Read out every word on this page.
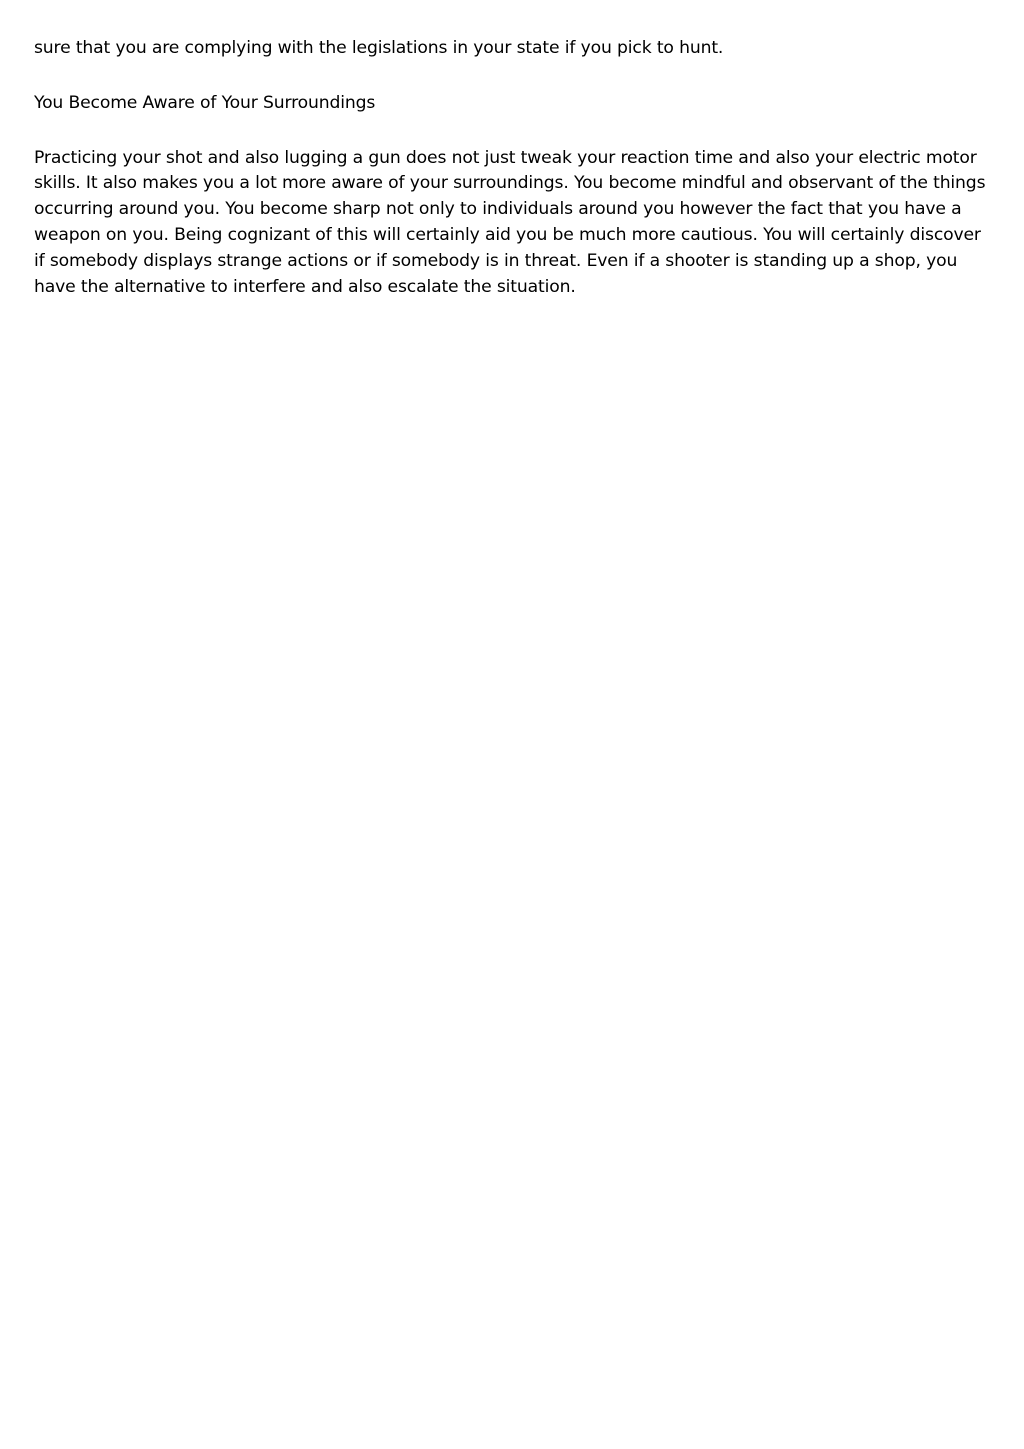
sure that you are complying with the legislations in your state if you pick to hunt.

You Become Aware of Your Surroundings

Practicing your shot and also lugging a gun does not just tweak your reaction time and also your electric motor skills. It also makes you a lot more aware of your surroundings. You become mindful and observant of the things occurring around you. You become sharp not only to individuals around you however the fact that you have a weapon on you. Being cognizant of this will certainly aid you be much more cautious. You will certainly discover if somebody displays strange actions or if somebody is in threat. Even if a shooter is standing up a shop, you have the alternative to interfere and also escalate the situation.
